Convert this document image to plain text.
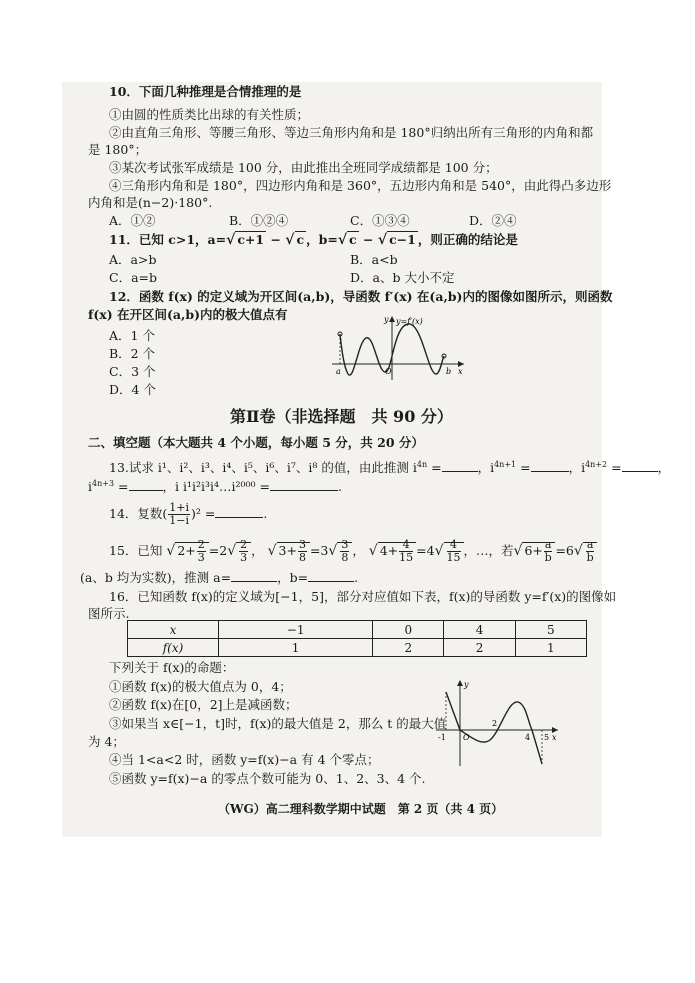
10．下面几种推理是合情推理的是
①由圆的性质类比出球的有关性质；
②由直角三角形、等腰三角形、等边三角形内角和是 180°归纳出所有三角形的内角和都
是 180°；
③某次考试张军成绩是 100 分，由此推出全班同学成绩都是 100 分；
④三角形内角和是 180°，四边形内角和是 360°，五边形内角和是 540°，由此得凸多边形
内角和是(n−2)·180°.
A．①②	B．①②④	C．①③④	D．②④
11．已知 c>1，a=√ c+1 − √ c ，b=√ c − √ c−1 ，则正确的结论是
A．a>b	B．a<b
C．a=b	D．a、b 大小不定
12．函数 f(x) 的定义域为开区间(a,b)，导函数 f′(x) 在(a,b)内的图像如图所示，则函数
f(x) 在开区间(a,b)内的极大值点有
A．1 个
B．2 个
C．3 个
D．4 个
y=f′(x)
y
x
O
a	b
第Ⅱ卷（非选择题　共 90 分）
二、填空题（本大题共 4 个小题，每小题 5 分，共 20 分）
13.试求 i¹、i²、i³、i⁴、i⁵、i⁶、i⁷、i⁸ 的值，由此推测 $i^{4n}$ =	，$i^{4n+1}$ =	，$i^{4n+2}$ =	，
$i^{4n+3}$ =	，i i¹i²i³i⁴…i²⁰⁰⁰ =	.
14．复数( $\frac{1+i}{1-i} )^2$ =	.
15．已知 √ $2+ \frac{2}{3} =2√ \frac{2}{3}$ ， √ $3+ \frac{3}{8} =3√ \frac{3}{8}$ ， √ $4+ \frac{4}{15} =4√ \frac{4}{15}$ ，…，若√ $6+ \frac{a}{b} =6√ \frac{a}{b}$
(a、b 均为实数)，推测 a=	，b=	.
16．已知函数 f(x)的定义域为[−1，5]，部分对应值如下表，f(x)的导函数 y=f′(x)的图像如
图所示.
x	−1	0	4	5
f(x)	1	2	2	1
下列关于 f(x)的命题：
①函数 f(x)的极大值点为 0，4；
②函数 f(x)在[0，2]上是减函数；
③如果当 x∈[−1，t]时，f(x)的最大值是 2，那么 t 的最大值
为 4；
④当 1<a<2 时，函数 y=f(x)−a 有 4 个零点；
⑤函数 y=f(x)−a 的零点个数可能为 0、1、2、3、4 个.
y
x
O
-1
2
4 5
（WG）高二理科数学期中试题　第 2 页（共 4 页）
